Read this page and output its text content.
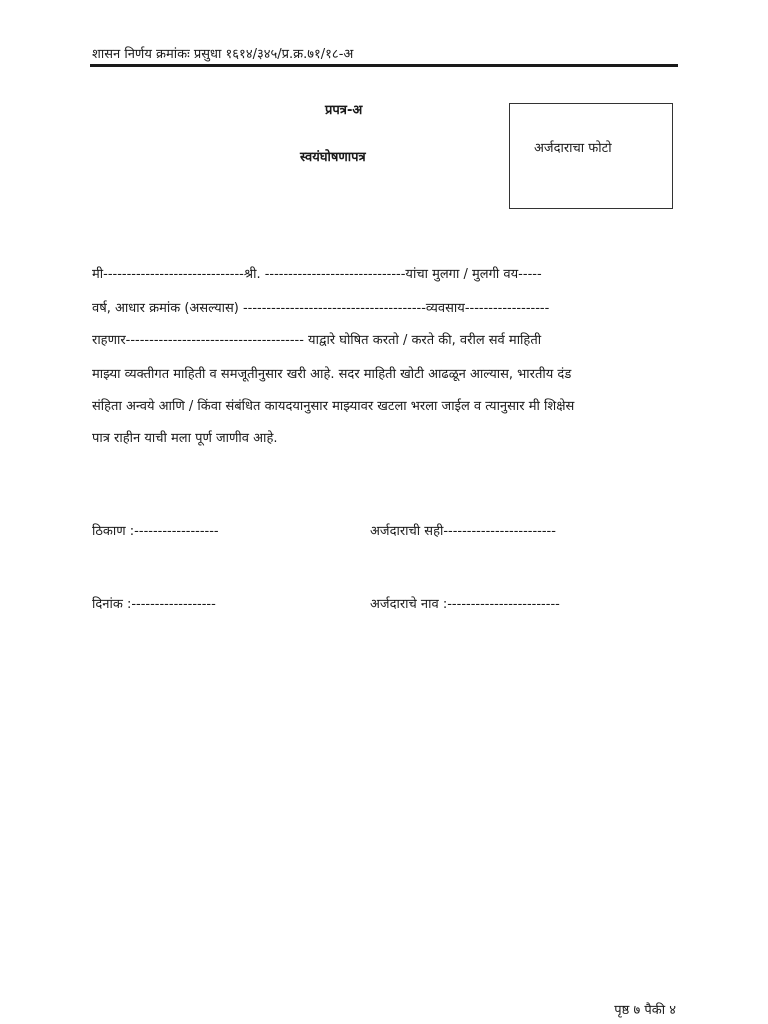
शासन निर्णय क्रमांकः प्रसुधा १६१४/३४५/प्र.क्र.७१/१८-अ
प्रपत्र-अ
स्वयंघोषणापत्र
अर्जदाराचा फोटो
मी------------------------------श्री. ------------------------------यांचा मुलगा / मुलगी वय-----
वर्ष, आधार क्रमांक (असल्यास) ---------------------------------------व्यवसाय------------------
राहणार-------------------------------------- याद्वारे घोषित करतो / करते की, वरील सर्व माहिती
माझ्या व्यक्तीगत माहिती व समजूतीनुसार खरी आहे. सदर माहिती खोटी आढळून आल्यास, भारतीय दंड
संहिता अन्वये आणि / किंवा संबंधित कायदयानुसार माझ्यावर खटला भरला जाईल व त्यानुसार मी शिक्षेस
पात्र राहीन याची मला पूर्ण जाणीव आहे.
ठिकाण :------------------	अर्जदाराची सही------------------------
दिनांक :------------------	अर्जदाराचे नाव :------------------------
पृष्ठ ७ पैकी ४
